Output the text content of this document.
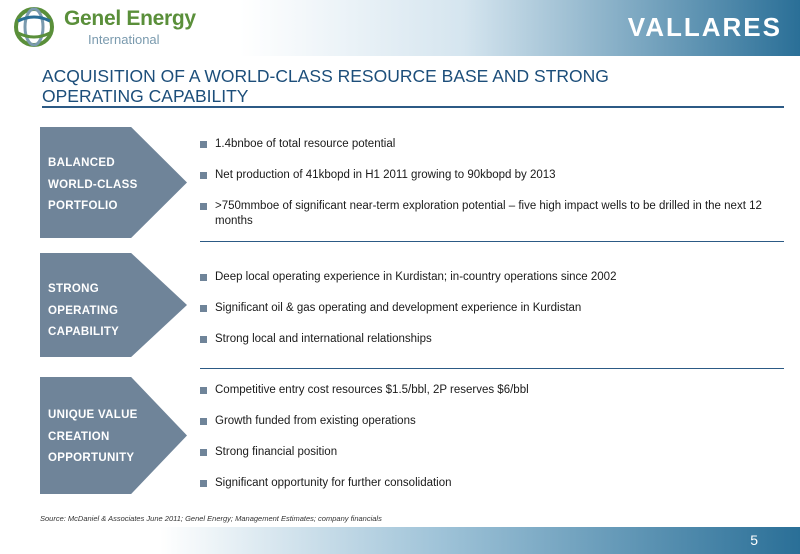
Genel Energy
International	VALLARES
ACQUISITION OF A WORLD-CLASS RESOURCE BASE AND STRONG
OPERATING CAPABILITY
BALANCED
WORLD-CLASS
PORTFOLIO
1.4bnboe of total resource potential
Net production of 41kbopd in H1 2011 growing to 90kbopd by 2013
>750mmboe of significant near-term exploration potential – five high impact wells to be drilled in the next 12 months
STRONG
OPERATING
CAPABILITY
Deep local operating experience in Kurdistan; in-country operations since 2002
Significant oil & gas operating and development experience in Kurdistan
Strong local and international relationships
UNIQUE VALUE
CREATION
OPPORTUNITY
Competitive entry cost resources $1.5/bbl, 2P reserves $6/bbl
Growth funded from existing operations
Strong financial position
Significant opportunity for further consolidation
Source: McDaniel & Associates June 2011; Genel Energy; Management Estimates; company financials
5
